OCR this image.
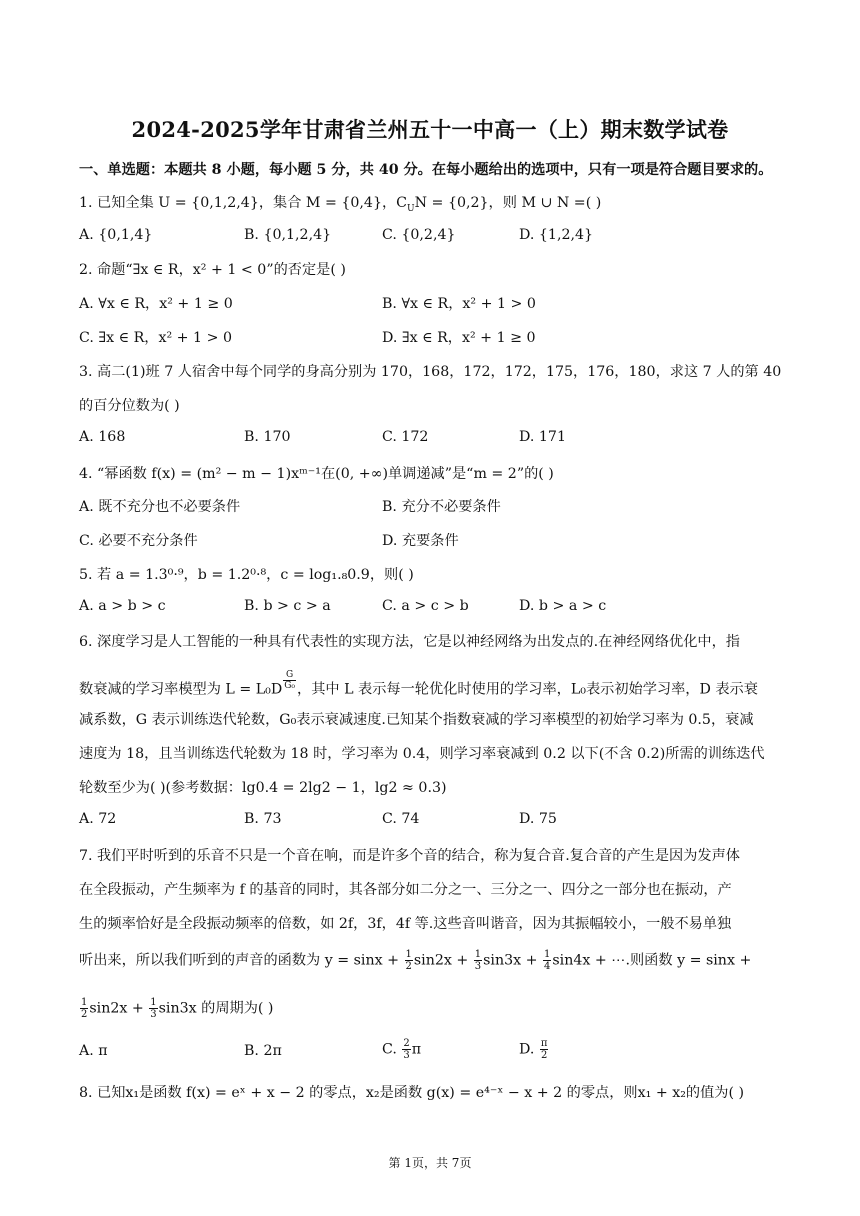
2024-2025学年甘肃省兰州五十一中高一（上）期末数学试卷
一、单选题：本题共 8 小题，每小题 5 分，共 40 分。在每小题给出的选项中，只有一项是符合题目要求的。
1. 已知全集 U = {0,1,2,4}，集合 M = {0,4}，$C_UN = \{0,2\}$，则 M ∪ N =( )
A. {0,1,4}	B. {0,1,2,4}	C. {0,2,4}	D. {1,2,4}
2. 命题“∃x ∈ R，x² + 1 < 0”的否定是( )
A. ∀x ∈ R，x² + 1 ≥ 0	B. ∀x ∈ R，x² + 1 > 0
C. ∃x ∈ R，x² + 1 > 0	D. ∃x ∈ R，x² + 1 ≥ 0
3. 高二(1)班 7 人宿舍中每个同学的身高分别为 170，168，172，172，175，176，180，求这 7 人的第 40
的百分位数为( )
A. 168	B. 170	C. 172	D. 171
4. “幂函数 f(x) = (m² − m − 1)xᵐ⁻¹在(0, +∞)单调递减”是“m = 2”的( )
A. 既不充分也不必要条件	B. 充分不必要条件
C. 必要不充分条件	D. 充要条件
5. 若 a = 1.3⁰·⁹，b = 1.2⁰·⁸，c = log₁.₈0.9，则( )
A. a > b > c	B. b > c > a	C. a > c > b	D. b > a > c
6. 深度学习是人工智能的一种具有代表性的实现方法，它是以神经网络为出发点的.在神经网络优化中，指
数衰减的学习率模型为 $L = L_0D \frac{G}{\text{G₀}}$ ，其中 L 表示每一轮优化时使用的学习率，L₀表示初始学习率，D 表示衰
减系数，G 表示训练迭代轮数，G₀表示衰减速度.已知某个指数衰减的学习率模型的初始学习率为 0.5，衰减
速度为 18，且当训练迭代轮数为 18 时，学习率为 0.4，则学习率衰减到 0.2 以下(不含 0.2)所需的训练迭代
轮数至少为( )(参考数据：lg0.4 = 2lg2 − 1，lg2 ≈ 0.3)
A. 72	B. 73	C. 74	D. 75
7. 我们平时听到的乐音不只是一个音在响，而是许多个音的结合，称为复合音.复合音的产生是因为发声体
在全段振动，产生频率为 f 的基音的同时，其各部分如二分之一、三分之一、四分之一部分也在振动，产
生的频率恰好是全段振动频率的倍数，如 2f，3f，4f 等.这些音叫谐音，因为其振幅较小，一般不易单独
听出来，所以我们听到的声音的函数为 $y = \sin x + \frac{1}{2} \sin 2x + \frac{1}{3} \sin 3x + \frac{1}{4} \sin 4x$ + ⋯.则函数 y = sinx +
$\frac{1}{2} \sin 2x + \frac{1}{3} \sin 3x$ 的周期为( )
A. π	B. 2π	C. $\frac{2}{3}$ π	D. $\frac{\pi}{2}$
8. 已知x₁是函数 f(x) = eˣ + x − 2 的零点，x₂是函数 g(x) = e⁴⁻ˣ − x + 2 的零点，则x₁ + x₂的值为( )
第 1页，共 7页
